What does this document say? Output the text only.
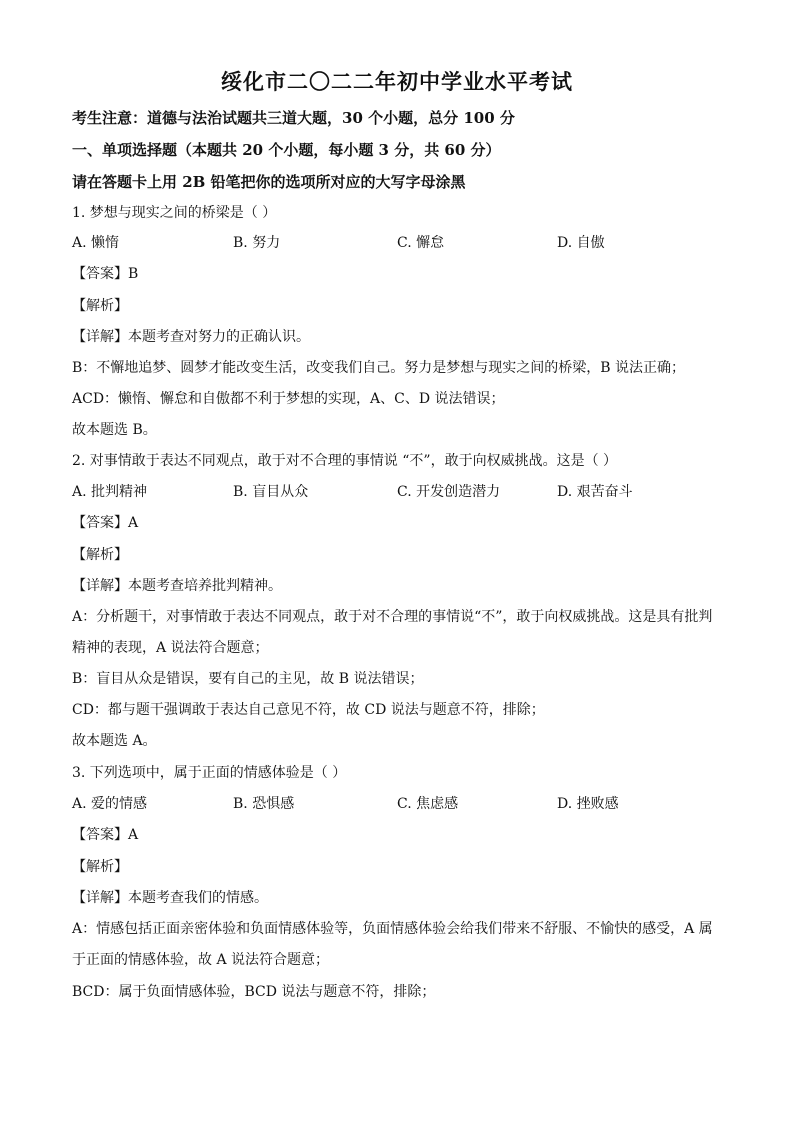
绥化市二〇二二年初中学业水平考试
考生注意：道德与法治试题共三道大题，30 个小题，总分 100 分
一、单项选择题（本题共 20 个小题，每小题 3 分，共 60 分）
请在答题卡上用 2B 铅笔把你的选项所对应的大写字母涂黑
1. 梦想与现实之间的桥梁是（ ）
A. 懒惰	B. 努力	C. 懈怠	D. 自傲
【答案】B
【解析】
【详解】本题考查对努力的正确认识。
B：不懈地追梦、圆梦才能改变生活，改变我们自己。努力是梦想与现实之间的桥梁，B 说法正确；
ACD：懒惰、懈怠和自傲都不利于梦想的实现，A、C、D 说法错误；
故本题选 B。
2. 对事情敢于表达不同观点，敢于对不合理的事情说 “不”，敢于向权威挑战。这是（ ）
A. 批判精神	B. 盲目从众	C. 开发创造潜力	D. 艰苦奋斗
【答案】A
【解析】
【详解】本题考查培养批判精神。
A：分析题干，对事情敢于表达不同观点，敢于对不合理的事情说“不”，敢于向权威挑战。这是具有批判
精神的表现，A 说法符合题意；
B：盲目从众是错误，要有自己的主见，故 B 说法错误；
CD：都与题干强调敢于表达自己意见不符，故 CD 说法与题意不符，排除；
故本题选 A。
3. 下列选项中，属于正面的情感体验是（ ）
A. 爱的情感	B. 恐惧感	C. 焦虑感	D. 挫败感
【答案】A
【解析】
【详解】本题考查我们的情感。
A：情感包括正面亲密体验和负面情感体验等，负面情感体验会给我们带来不舒服、不愉快的感受，A 属
于正面的情感体验，故 A 说法符合题意；
BCD：属于负面情感体验，BCD 说法与题意不符，排除；
